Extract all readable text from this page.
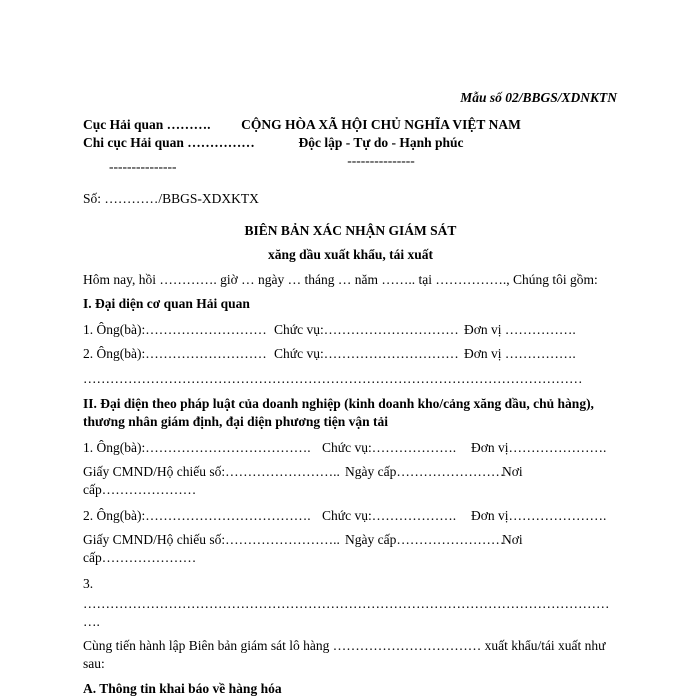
Mẫu số 02/BBGS/XDNKTN
Cục Hải quan ……….
Chi cục Hải quan ……………
---------------
CỘNG HÒA XÃ HỘI CHỦ NGHĨA VIỆT NAM
Độc lập - Tự do - Hạnh phúc
---------------
Số: …………/BBGS-XDXKTX
BIÊN BẢN XÁC NHẬN GIÁM SÁT
xăng dầu xuất khẩu, tái xuất
Hôm nay, hồi …………. giờ … ngày … tháng … năm …….. tại ……………., Chúng tôi gồm:
I. Đại diện cơ quan Hải quan
1. Ông(bà):……………………… Chức vụ:………………………… Đơn vị …………….
2. Ông(bà):……………………… Chức vụ:………………………… Đơn vị …………….
…………………………………………………………………………………………………
II. Đại diện theo pháp luật của doanh nghiệp (kinh doanh kho/cảng xăng dầu, chủ hàng),
thương nhân giám định, đại diện phương tiện vận tải
1. Ông(bà):………………………………. Chức vụ:………………. Đơn vị………………….
Giấy CMND/Hộ chiếu số:…………………….. Ngày cấp……………………
Nơi
cấp…………………
2. Ông(bà):………………………………. Chức vụ:………………. Đơn vị………………….
Giấy CMND/Hộ chiếu số:…………………….. Ngày cấp……………………
Nơi
cấp…………………
3.
………………………………………………………………………………………………………
….
Cùng tiến hành lập Biên bản giám sát lô hàng …………………………… xuất khẩu/tái xuất như
sau:
A. Thông tin khai báo về hàng hóa
